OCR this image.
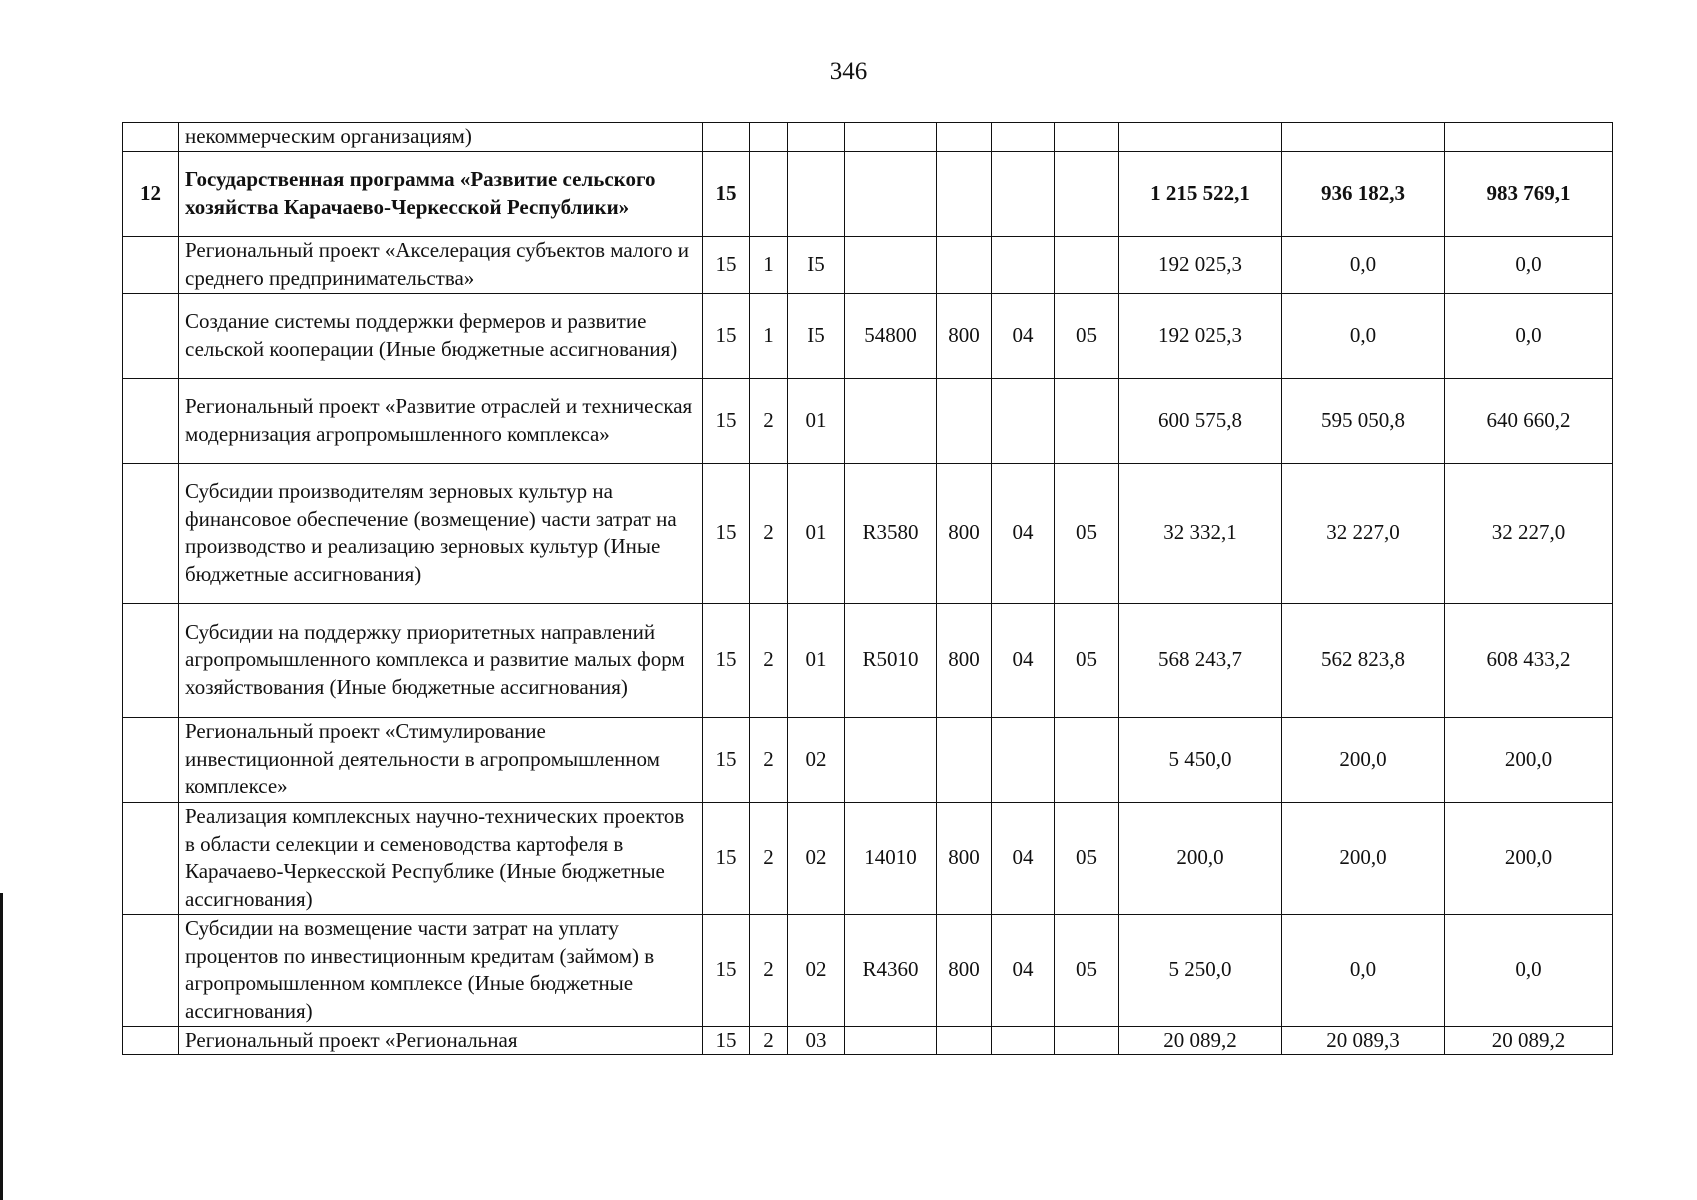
346
	некоммерческим организациям)										
12	Государственная программа «Развитие сельского хозяйства Карачаево-Черкесской Республики»	15							1 215 522,1	936 182,3	983 769,1
	Региональный проект «Акселерация субъектов малого и среднего предпринимательства»	15	1	I5					192 025,3	0,0	0,0
	Создание системы поддержки фермеров и развитие сельской кооперации (Иные бюджетные ассигнования)	15	1	I5	54800	800	04	05	192 025,3	0,0	0,0
	Региональный проект «Развитие отраслей и техническая модернизация агропромышленного комплекса»	15	2	01					600 575,8	595 050,8	640 660,2
	Субсидии производителям зерновых культур на финансовое обеспечение (возмещение) части затрат на производство и реализацию зерновых культур (Иные бюджетные ассигнования)	15	2	01	R3580	800	04	05	32 332,1	32 227,0	32 227,0
	Субсидии на поддержку приоритетных направлений агропромышленного комплекса и развитие малых форм хозяйствования (Иные бюджетные ассигнования)	15	2	01	R5010	800	04	05	568 243,7	562 823,8	608 433,2
	Региональный проект «Стимулирование инвестиционной деятельности в агропромышленном комплексе»	15	2	02					5 450,0	200,0	200,0
	Реализация комплексных научно-технических проектов в области селекции и семеноводства картофеля в Карачаево-Черкесской Республике (Иные бюджетные ассигнования)	15	2	02	14010	800	04	05	200,0	200,0	200,0
	Субсидии на возмещение части затрат на уплату процентов по инвестиционным кредитам (займом) в агропромышленном комплексе (Иные бюджетные ассигнования)	15	2	02	R4360	800	04	05	5 250,0	0,0	0,0
	Региональный проект «Региональная	15	2	03					20 089,2	20 089,3	20 089,2
